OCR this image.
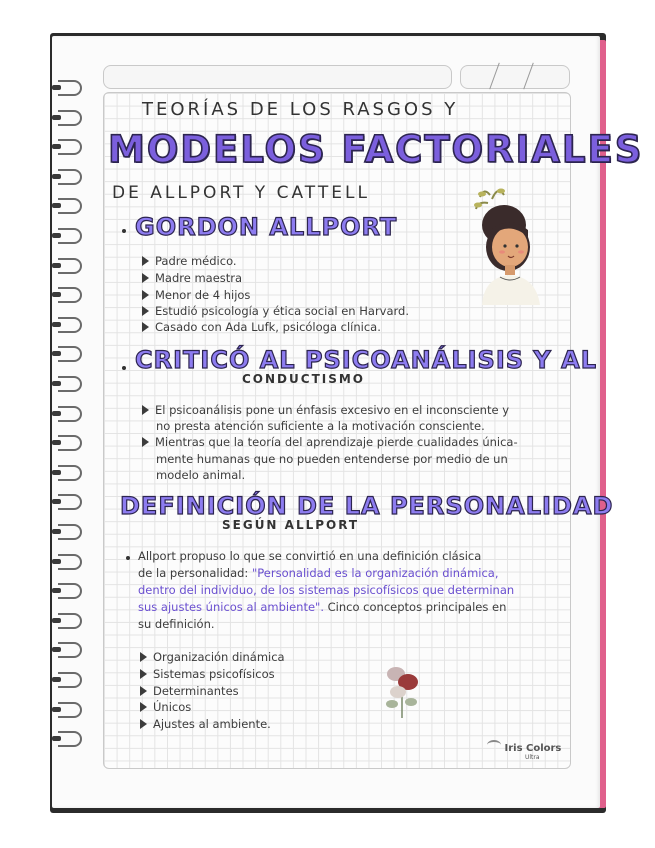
TEORÍAS DE LOS RASGOS Y
MODELOS FACTORIALES
DE ALLPORT Y CATTELL
GORDON ALLPORT
Padre médico.
Madre maestra
Menor de 4 hijos
Estudió psicología y ética social en Harvard.
Casado con Ada Lufk, psicóloga clínica.
CRITICÓ AL PSICOANÁLISIS Y AL
CONDUCTISMO
El psicoanálisis pone un énfasis excesivo en el inconsciente y
no presta atención suficiente a la motivación consciente.
Mientras que la teoría del aprendizaje pierde cualidades única-
mente humanas que no pueden entenderse por medio de un
modelo animal.
DEFINICIÓN DE LA PERSONALIDAD
SEGÚN ALLPORT
Allport propuso lo que se convirtió en una definición clásica
de la personalidad: "Personalidad es la organización dinámica,
dentro del individuo, de los sistemas psicofísicos que determinan
sus ajustes únicos al ambiente". Cinco conceptos principales en
su definición.
Organización dinámica
Sistemas psicofísicos
Determinantes
Únicos
Ajustes al ambiente.
Iris Colors
Ultra
